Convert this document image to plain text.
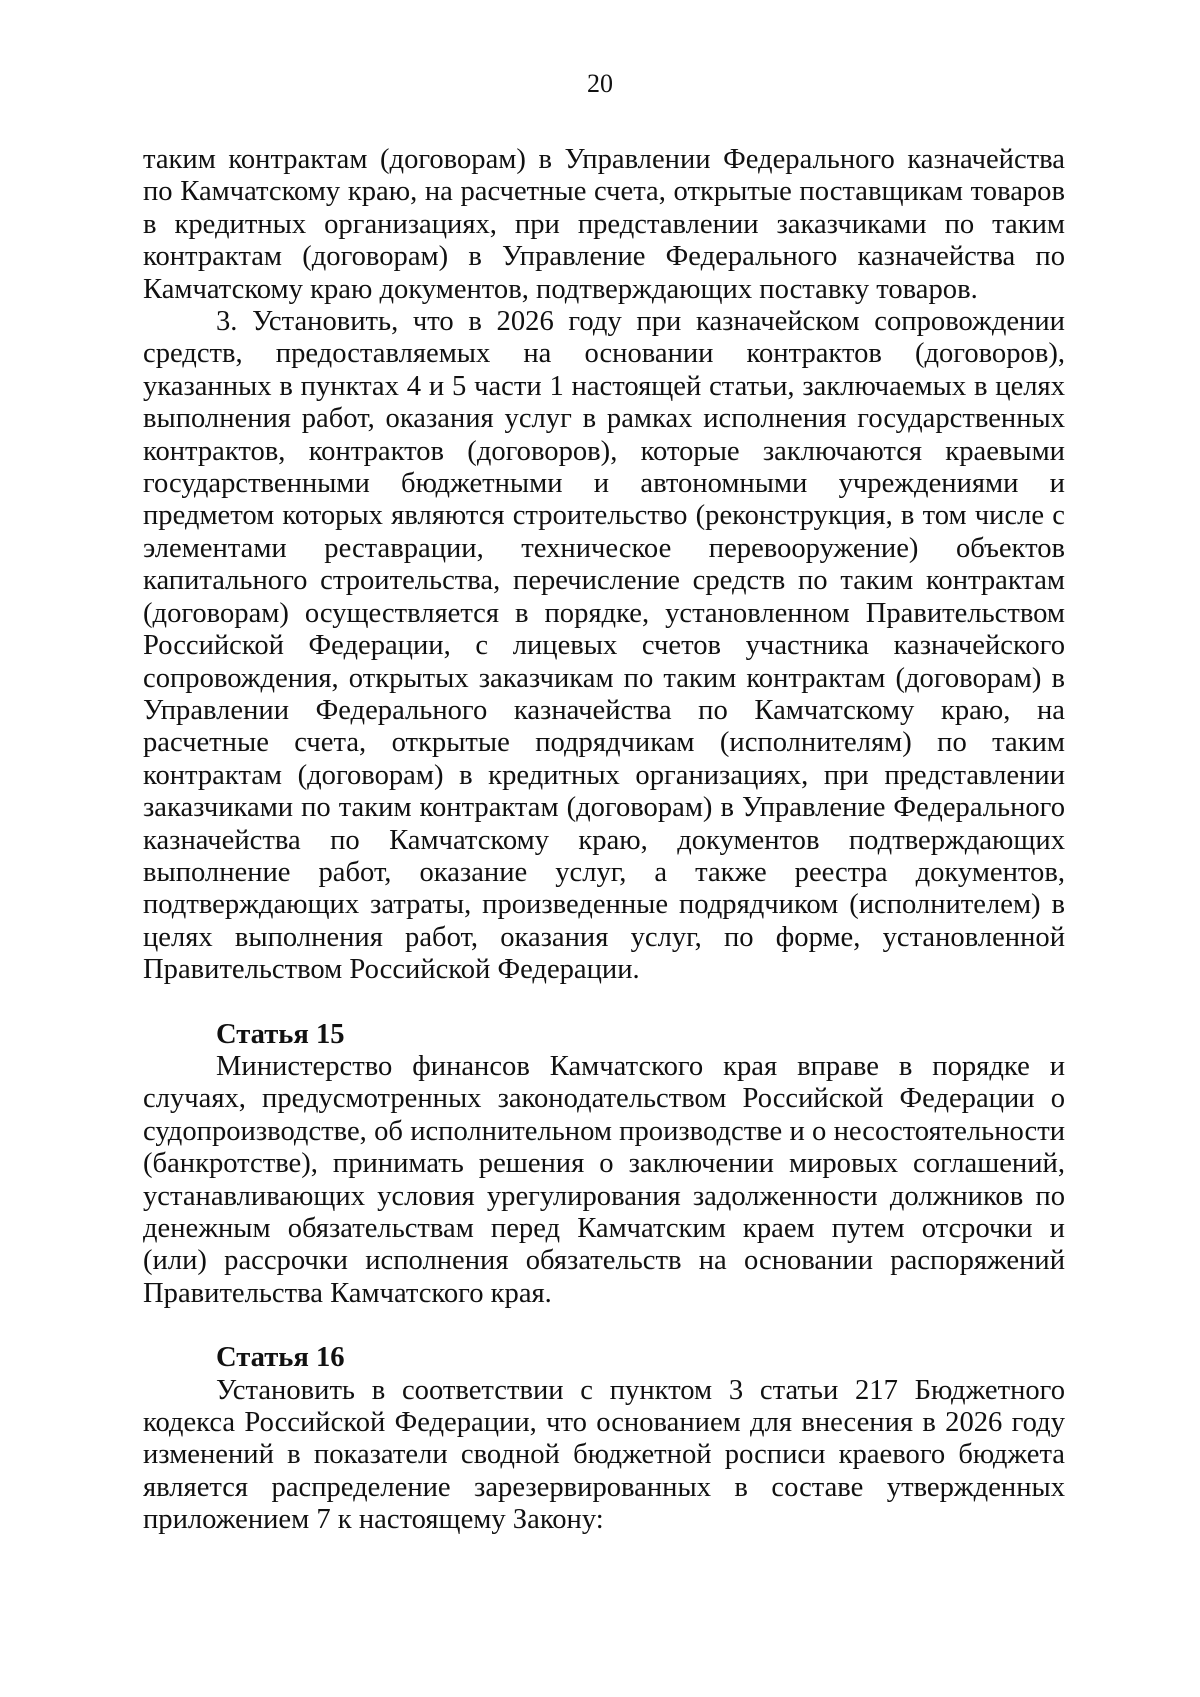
20

таким контрактам (договорам) в Управлении Федерального казначейства по Камчатскому краю, на расчетные счета, открытые поставщикам товаров в кредитных организациях, при представлении заказчиками по таким контрактам (договорам) в Управление Федерального казначейства по Камчатскому краю документов, подтверждающих поставку товаров.

3. Установить, что в 2026 году при казначейском сопровождении средств, предоставляемых на основании контрактов (договоров), указанных в пунктах 4 и 5 части 1 настоящей статьи, заключаемых в целях выполнения работ, оказания услуг в рамках исполнения государственных контрактов, контрактов (договоров), которые заключаются краевыми государственными бюджетными и автономными учреждениями и предметом которых являются строительство (реконструкция, в том числе с элементами реставрации, техническое перевооружение) объектов капитального строительства, перечисление средств по таким контрактам (договорам) осуществляется в порядке, установленном Правительством Российской Федерации, с лицевых счетов участника казначейского сопровождения, открытых заказчикам по таким контрактам (договорам) в Управлении Федерального казначейства по Камчатскому краю, на расчетные счета, открытые подрядчикам (исполнителям) по таким контрактам (договорам) в кредитных организациях, при представлении заказчиками по таким контрактам (договорам) в Управление Федерального казначейства по Камчатскому краю, документов подтверждающих выполнение работ, оказание услуг, а также реестра документов, подтверждающих затраты, произведенные подрядчиком (исполнителем) в целях выполнения работ, оказания услуг, по форме, установленной Правительством Российской Федерации.

Статья 15

Министерство финансов Камчатского края вправе в порядке и случаях, предусмотренных законодательством Российской Федерации о судопроизводстве, об исполнительном производстве и о несостоятельности (банкротстве), принимать решения о заключении мировых соглашений, устанавливающих условия урегулирования задолженности должников по денежным обязательствам перед Камчатским краем путем отсрочки и (или) рассрочки исполнения обязательств на основании распоряжений Правительства Камчатского края.

Статья 16

Установить в соответствии с пунктом 3 статьи 217 Бюджетного кодекса Российской Федерации, что основанием для внесения в 2026 году изменений в показатели сводной бюджетной росписи краевого бюджета является распределение зарезервированных в составе утвержденных приложением 7 к настоящему Закону:
